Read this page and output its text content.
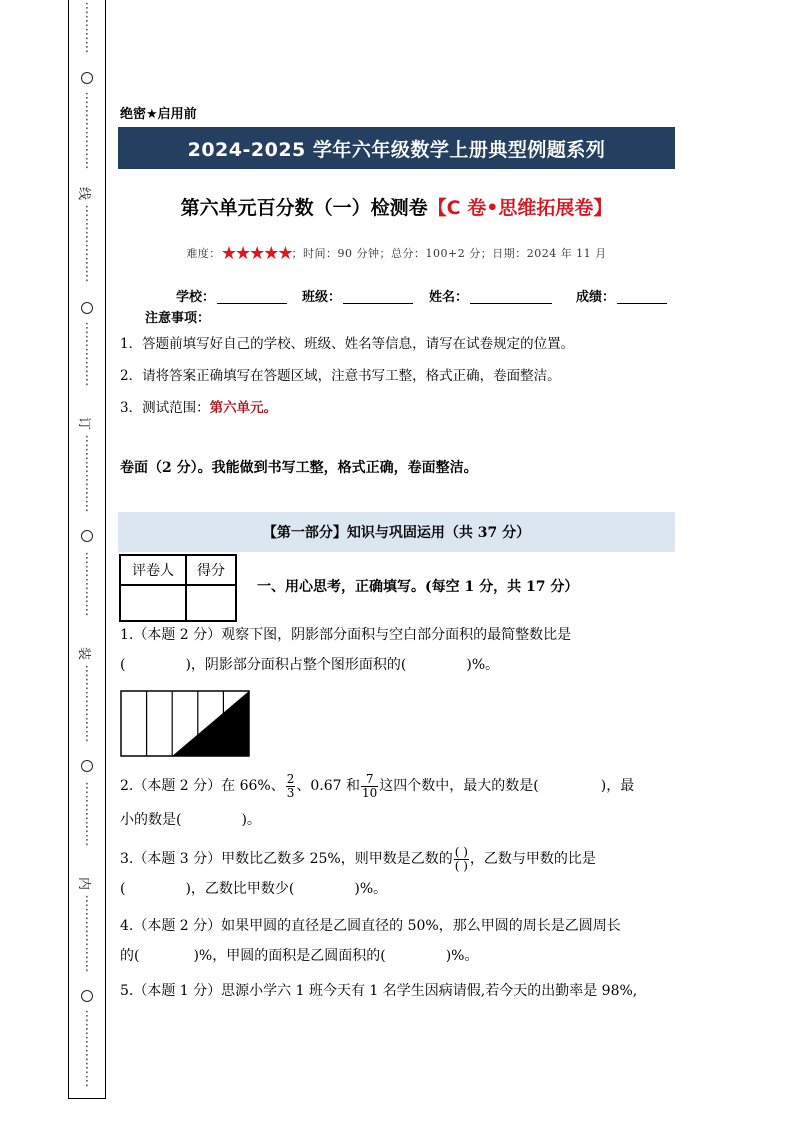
⋮
⋮
⋮
⋮
⋮
⋮
⋮
⋮
⋮
⋮
线
⋮
⋮
⋮
⋮
⋮
⋮
⋮
⋮
⋮
⋮
⋮
订
⋮
⋮
⋮
⋮
⋮
⋮
⋮
⋮
⋮
⋮
⋮
装
⋮
⋮
⋮
⋮
⋮
⋮
⋮
⋮
⋮
⋮
⋮
内
⋮
⋮
⋮
⋮
⋮
⋮
⋮
⋮
⋮
⋮
⋮
⋮
绝密★启用前
2024-2025 学年六年级数学上册典型例题系列
第六单元百分数（一）检测卷【C 卷•思维拓展卷】
难度：★★★★★；时间：90 分钟；总分：100+2 分；日期：2024 年 11 月
学校：	班级：	姓名：	成绩：
注意事项：
1．答题前填写好自己的学校、班级、姓名等信息，请写在试卷规定的位置。
2．请将答案正确填写在答题区域，注意书写工整，格式正确，卷面整洁。
3．测试范围：第六单元。
卷面（2 分）。我能做到书写工整，格式正确，卷面整洁。
【第一部分】知识与巩固运用（共 37 分）
评卷人	得分

一、用心思考，正确填写。(每空 1 分，共 17 分）
1.（本题 2 分）观察下图，阴影部分面积与空白部分面积的最简整数比是
(	)，阴影部分面积占整个图形面积的(	)%。
2.（本题 2 分）在 66%、 $\frac{2}{3}$ 、0.67 和 $\frac{7}{10}$ 这四个数中，最大的数是(	)，最
小的数是(	)。
3.（本题 3 分）甲数比乙数多 25%，则甲数是乙数的 $\frac{( )}{( )}$ ，乙数与甲数的比是
(	)，乙数比甲数少(	)%。
4.（本题 2 分）如果甲圆的直径是乙圆直径的 50%，那么甲圆的周长是乙圆周长
的(	)%，甲圆的面积是乙圆面积的(	)%。
5.（本题 1 分）思源小学六 1 班今天有 1 名学生因病请假,若今天的出勤率是 98%,
